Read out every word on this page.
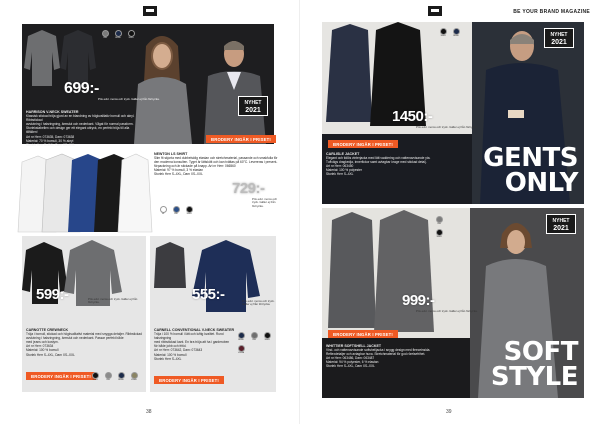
Grå	Marin	Svart
699:-
Pris exkl. moms och tryck. Gäller ej från förtrycka.
NYHET
2021
HARRISON V-NECK SWEATER
Klassisk stickad tröja gjord av en blandning av högkvalitativ bomull och akryl. Ribbstickad
avslutning i halsringning, ärmslut och nederkant. Vågat för normal passform.
Storlekstabellen och design ger ett elegant uttryck, en perfekt tröja till alla tillfällen!
Art nr Herr: 073635, Dam: 073638
Material: 70 % bomull, 30 % akryl
Storlek Herr S–4XL, Dam XS–XXL
BRODERY INGÅR I PRISET!
NEWTON LS SHIRT
Slim fit skjorta med dubbelsidig elastan och stretchmaterial, passande och smakfulla för
den moderna konsulten. Tyget är lättskött och kan tvättas på 60°C. Levereras i present-
förpackning och är stickade på knapp. Art nr Herr: 066560
Material: 97 % bomull, 3 % elastan
Storlek Herr S–4XL, Dam XS–XXL
729:-
Pris exkl. moms och tryck. Gäller ej från förtrycka.
Vit	Blå	Svart
599:-	Pris exkl. moms och tryck. Gäller ej från förtrycka.
CARNOTTE CREWNECK
Tröja i bomull, stickad och högkvalitativt material med snygga detaljer. Ribbstickad
avslutning i halsringning, ärmslut och nederkant. Passar perfekt både
med jeans och kostym.
Art nr Herr: 073634
Material: 100 % bomull
Storlek Herr S–4XL, Dam XS–XXL
BRODERY INGÅR I PRISET!
Svart	Grå	Marin	Khaki
555:-	Pris exkl. moms och tryck. Gäller ej från förtrycka.
CARNELL CONVENTIONAL V-NECK SWEATER
Tröja i 100 % bomull i lätt och luftig kvalitet. Rund halsringning
med ribbstickad kant. En bra tröja att ha i garderoben
för både jobb och fritid.
Art nr Herr: 073642, Dam: 073643
Material: 100 % bomull
Storlek Herr S–4XL
Marin	Grå	Svart
Vinröd
BRODERY INGÅR I PRISET!
38
BE YOUR BRAND MAGAZINE
Svart	Marin	NYHET
2021
1450:-
Pris exkl. moms och tryck. Gäller ej från förtrycka.
BRODERY INGÅR I PRISET!
CARLISLE JACKET
Elegant och tidlös vinterjacka med lätt vaddering och vattenavvisande yta.
Tvåvägs dragkedja, innerfickor samt avtagbar krage med stickad detalj.
Art nr Herr: 063450
Material: 100 % polyester
Storlek Herr S–4XL
GENTS
ONLY
Grå
Svart
NYHET
2021
999:-
Pris exkl. moms och tryck. Gäller ej från förtrycka.
BRODERY INGÅR I PRISET!
WHITTIER SOFTSHELL JACKET
Vind- och vattenavvisande softshelljacka i snygg design med fleeceinsida.
Reflexdetaljer och avtagbar huva. Stretchmaterial för god rörelsefrihet.
Art nr Herr: 063486, Dam: 063487
Material: 94 % polyester, 6 % elastan
Storlek Herr S–4XL, Dam XS–XXL	SOFT
STYLE
39
